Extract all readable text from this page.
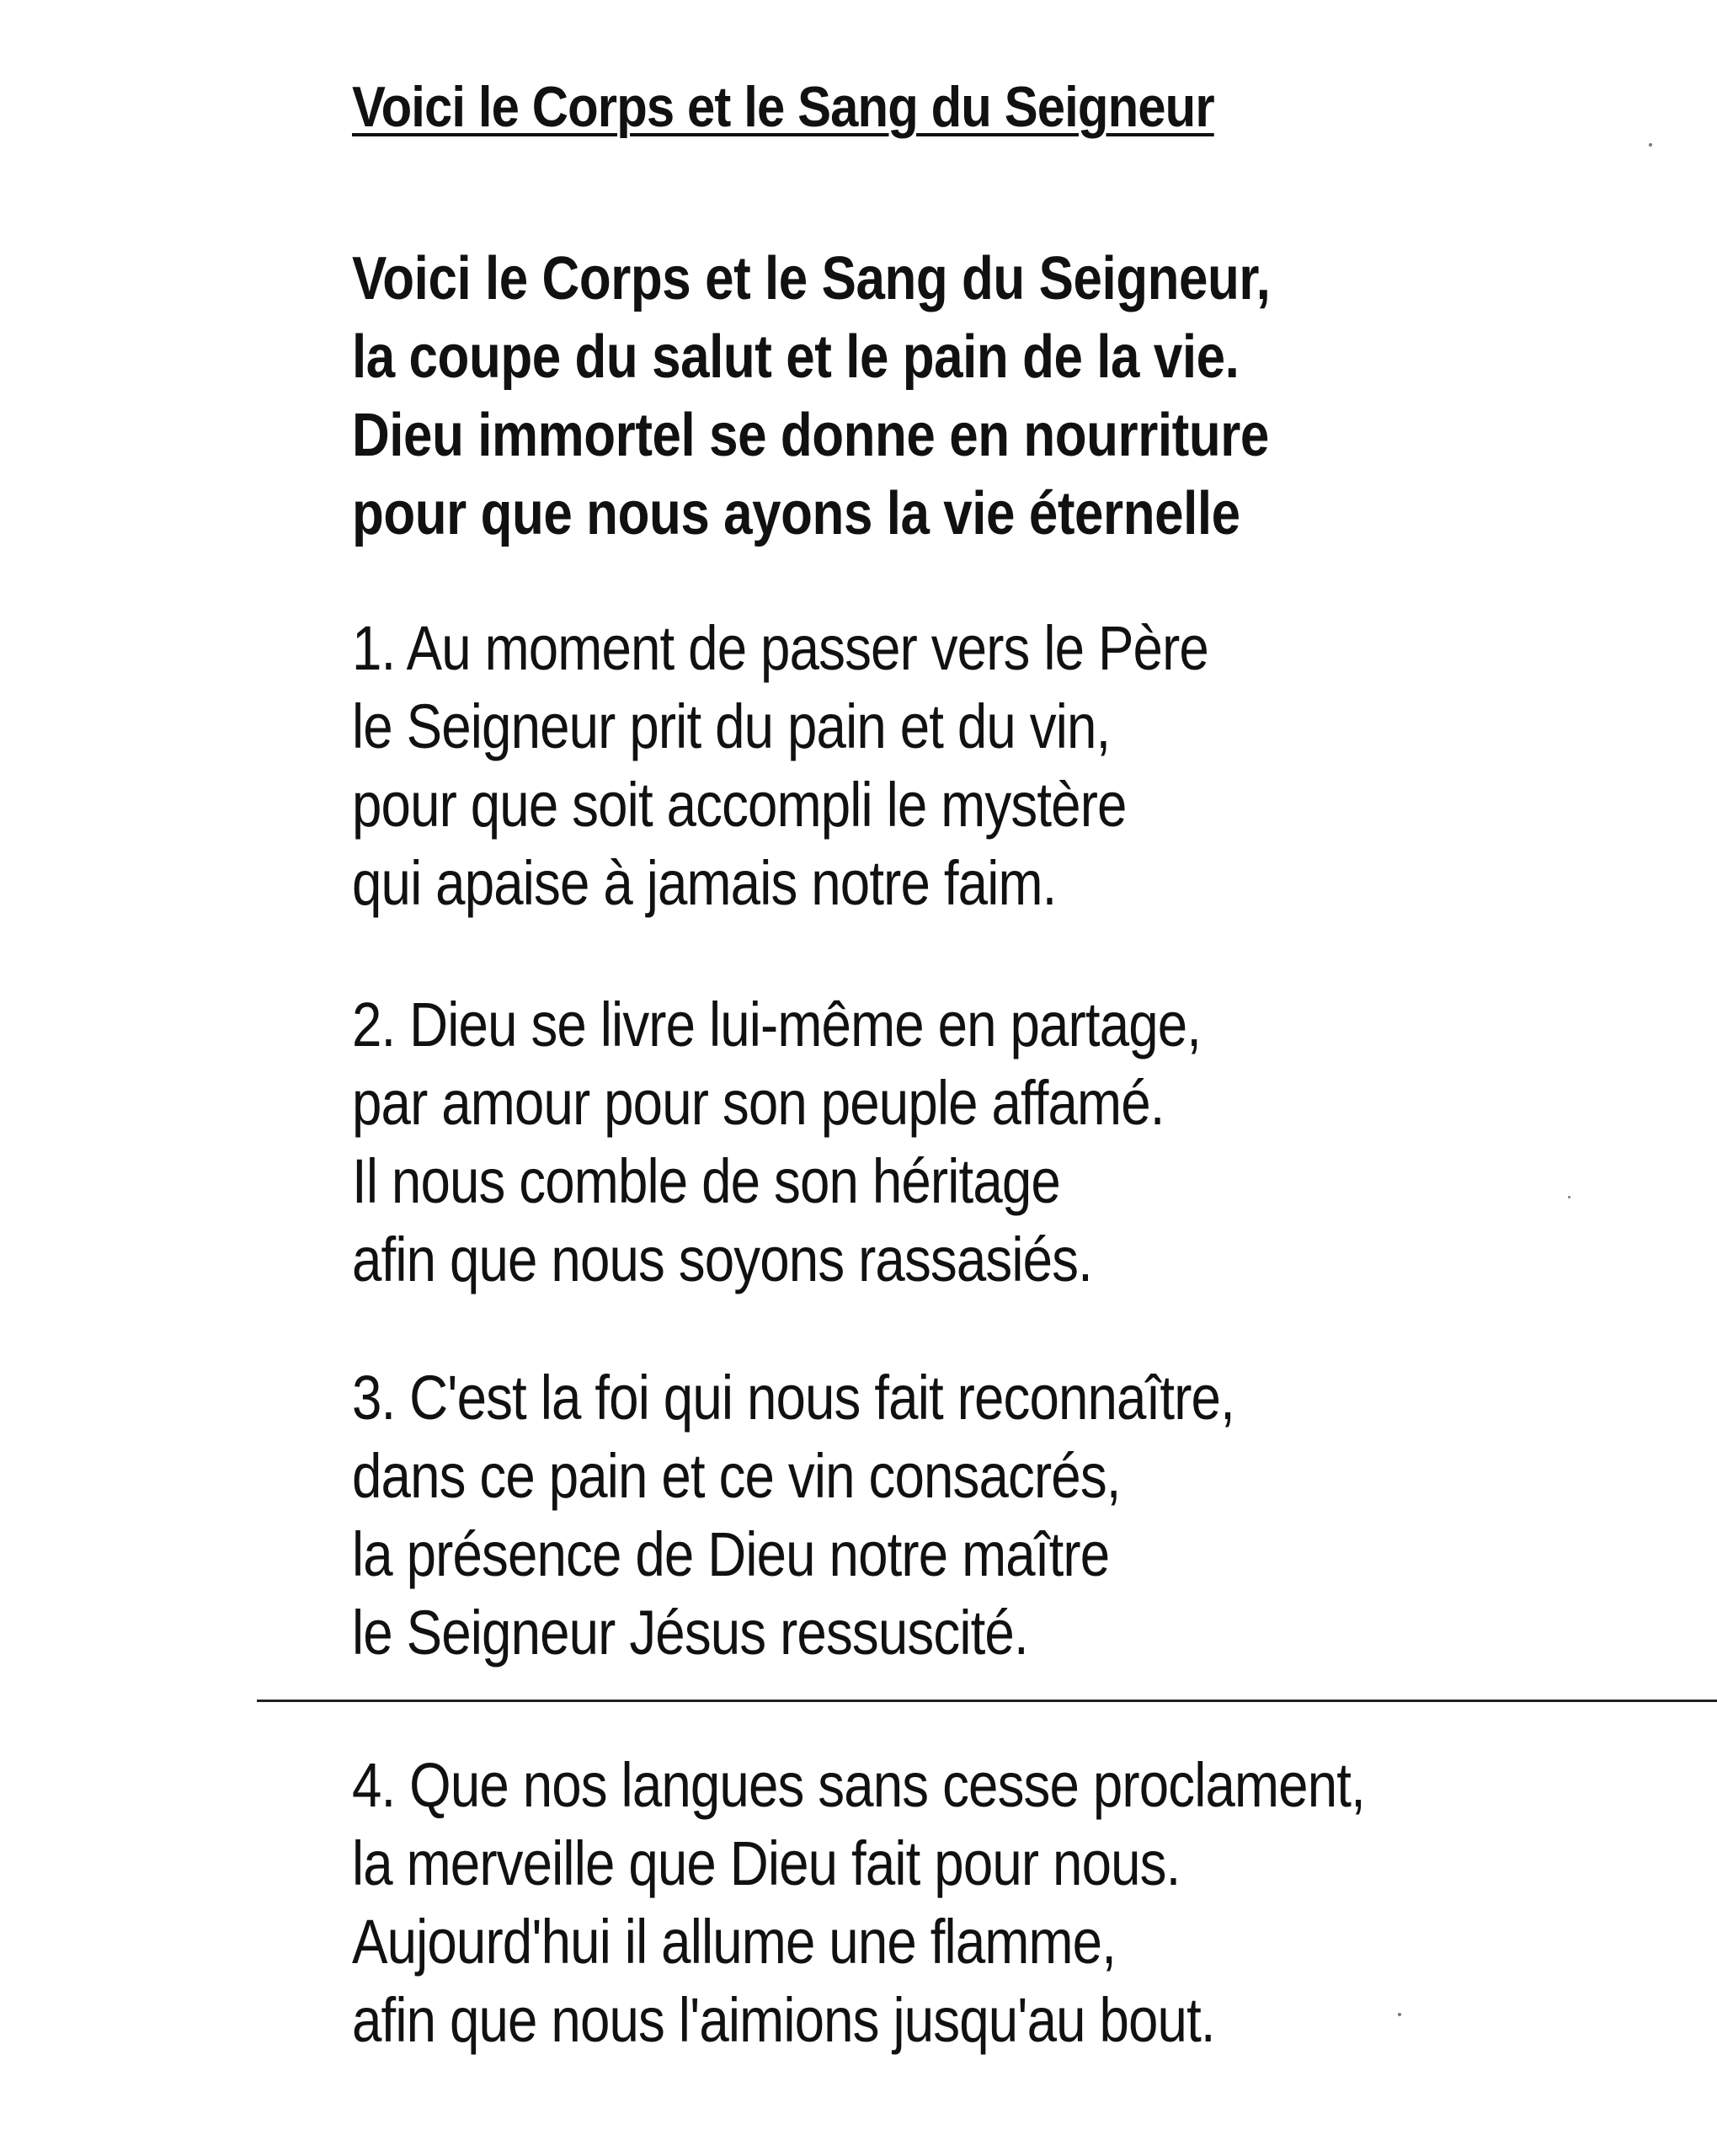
Voici le Corps et le Sang du Seigneur
Voici le Corps et le Sang du Seigneur,
la coupe du salut et le pain de la vie.
Dieu immortel se donne en nourriture
pour que nous ayons la vie éternelle
1. Au moment de passer vers le Père
le Seigneur prit du pain et du vin,
pour que soit accompli le mystère
qui apaise à jamais notre faim.
2. Dieu se livre lui-même en partage,
par amour pour son peuple affamé.
Il nous comble de son héritage
afin que nous soyons rassasiés.
3. C'est la foi qui nous fait reconnaître,
dans ce pain et ce vin consacrés,
la présence de Dieu notre maître
le Seigneur Jésus ressuscité.
4. Que nos langues sans cesse proclament,
la merveille que Dieu fait pour nous.
Aujourd'hui il allume une flamme,
afin que nous l'aimions jusqu'au bout.
